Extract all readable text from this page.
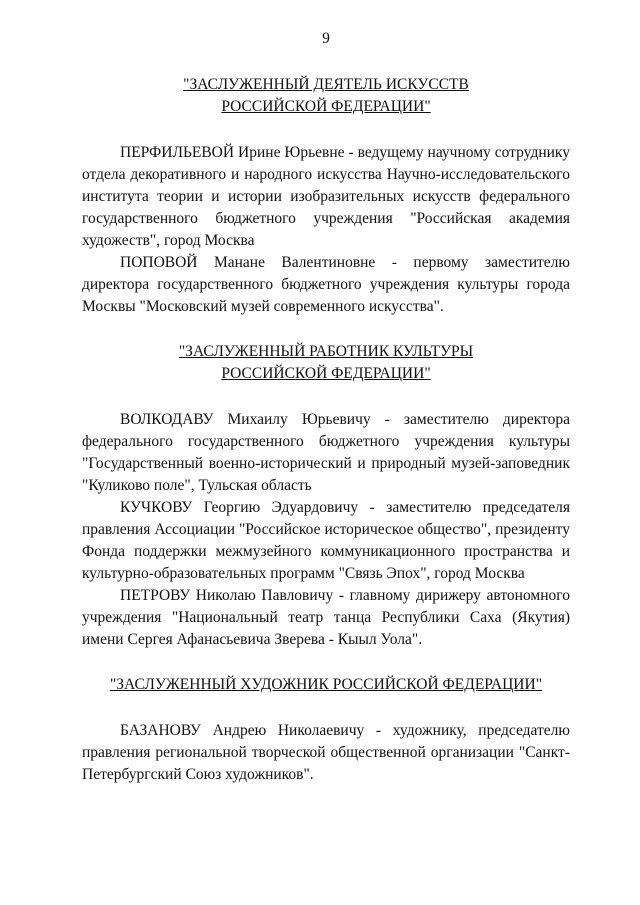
9

"ЗАСЛУЖЕННЫЙ ДЕЯТЕЛЬ ИСКУССТВ

РОССИЙСКОЙ ФЕДЕРАЦИИ"

ПЕРФИЛЬЕВОЙ Ирине Юрьевне - ведущему научному сотруднику отдела декоративного и народного искусства Научно-исследовательского института теории и истории изобразительных искусств федерального государственного бюджетного учреждения "Российская академия художеств", город Москва

ПОПОВОЙ Манане Валентиновне - первому заместителю директора государственного бюджетного учреждения культуры города Москвы "Московский музей современного искусства".

"ЗАСЛУЖЕННЫЙ РАБОТНИК КУЛЬТУРЫ

РОССИЙСКОЙ ФЕДЕРАЦИИ"

ВОЛКОДАВУ Михаилу Юрьевичу - заместителю директора федерального государственного бюджетного учреждения культуры "Государственный военно-исторический и природный музей-заповедник "Куликово поле", Тульская область

КУЧКОВУ Георгию Эдуардовичу - заместителю председателя правления Ассоциации "Российское историческое общество", президенту Фонда поддержки межмузейного коммуникационного пространства и культурно-образовательных программ "Связь Эпох", город Москва

ПЕТРОВУ Николаю Павловичу - главному дирижеру автономного учреждения "Национальный театр танца Республики Саха (Якутия) имени Сергея Афанасьевича Зверева - Кыыл Уола".

"ЗАСЛУЖЕННЫЙ ХУДОЖНИК РОССИЙСКОЙ ФЕДЕРАЦИИ"

БАЗАНОВУ Андрею Николаевичу - художнику, председателю правления региональной творческой общественной организации "Санкт-Петербургский Союз художников".
